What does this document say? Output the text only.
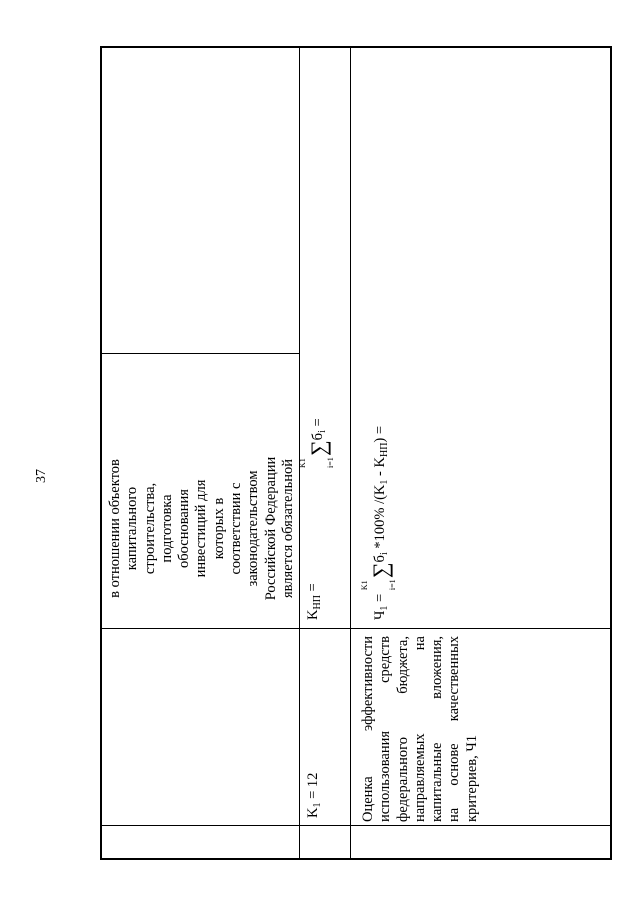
37	в отношении объектов капитального строительства, подготовка обоснования инвестиций для которых в соответствии с законодательством Российской Федерации является обязательной

$K_1 = 12$
$K_{НП}$ =
K1 i=1
$\sum б_i$ =

Оценка эффективности использования средств федерального бюджета, направляемых на капитальные вложения, на основе качественных критериев, Ч1

$Ч_1$ =
K1 i=1
$\sum б_i$ *100% $/(K_1 - K_{НП})$ =
